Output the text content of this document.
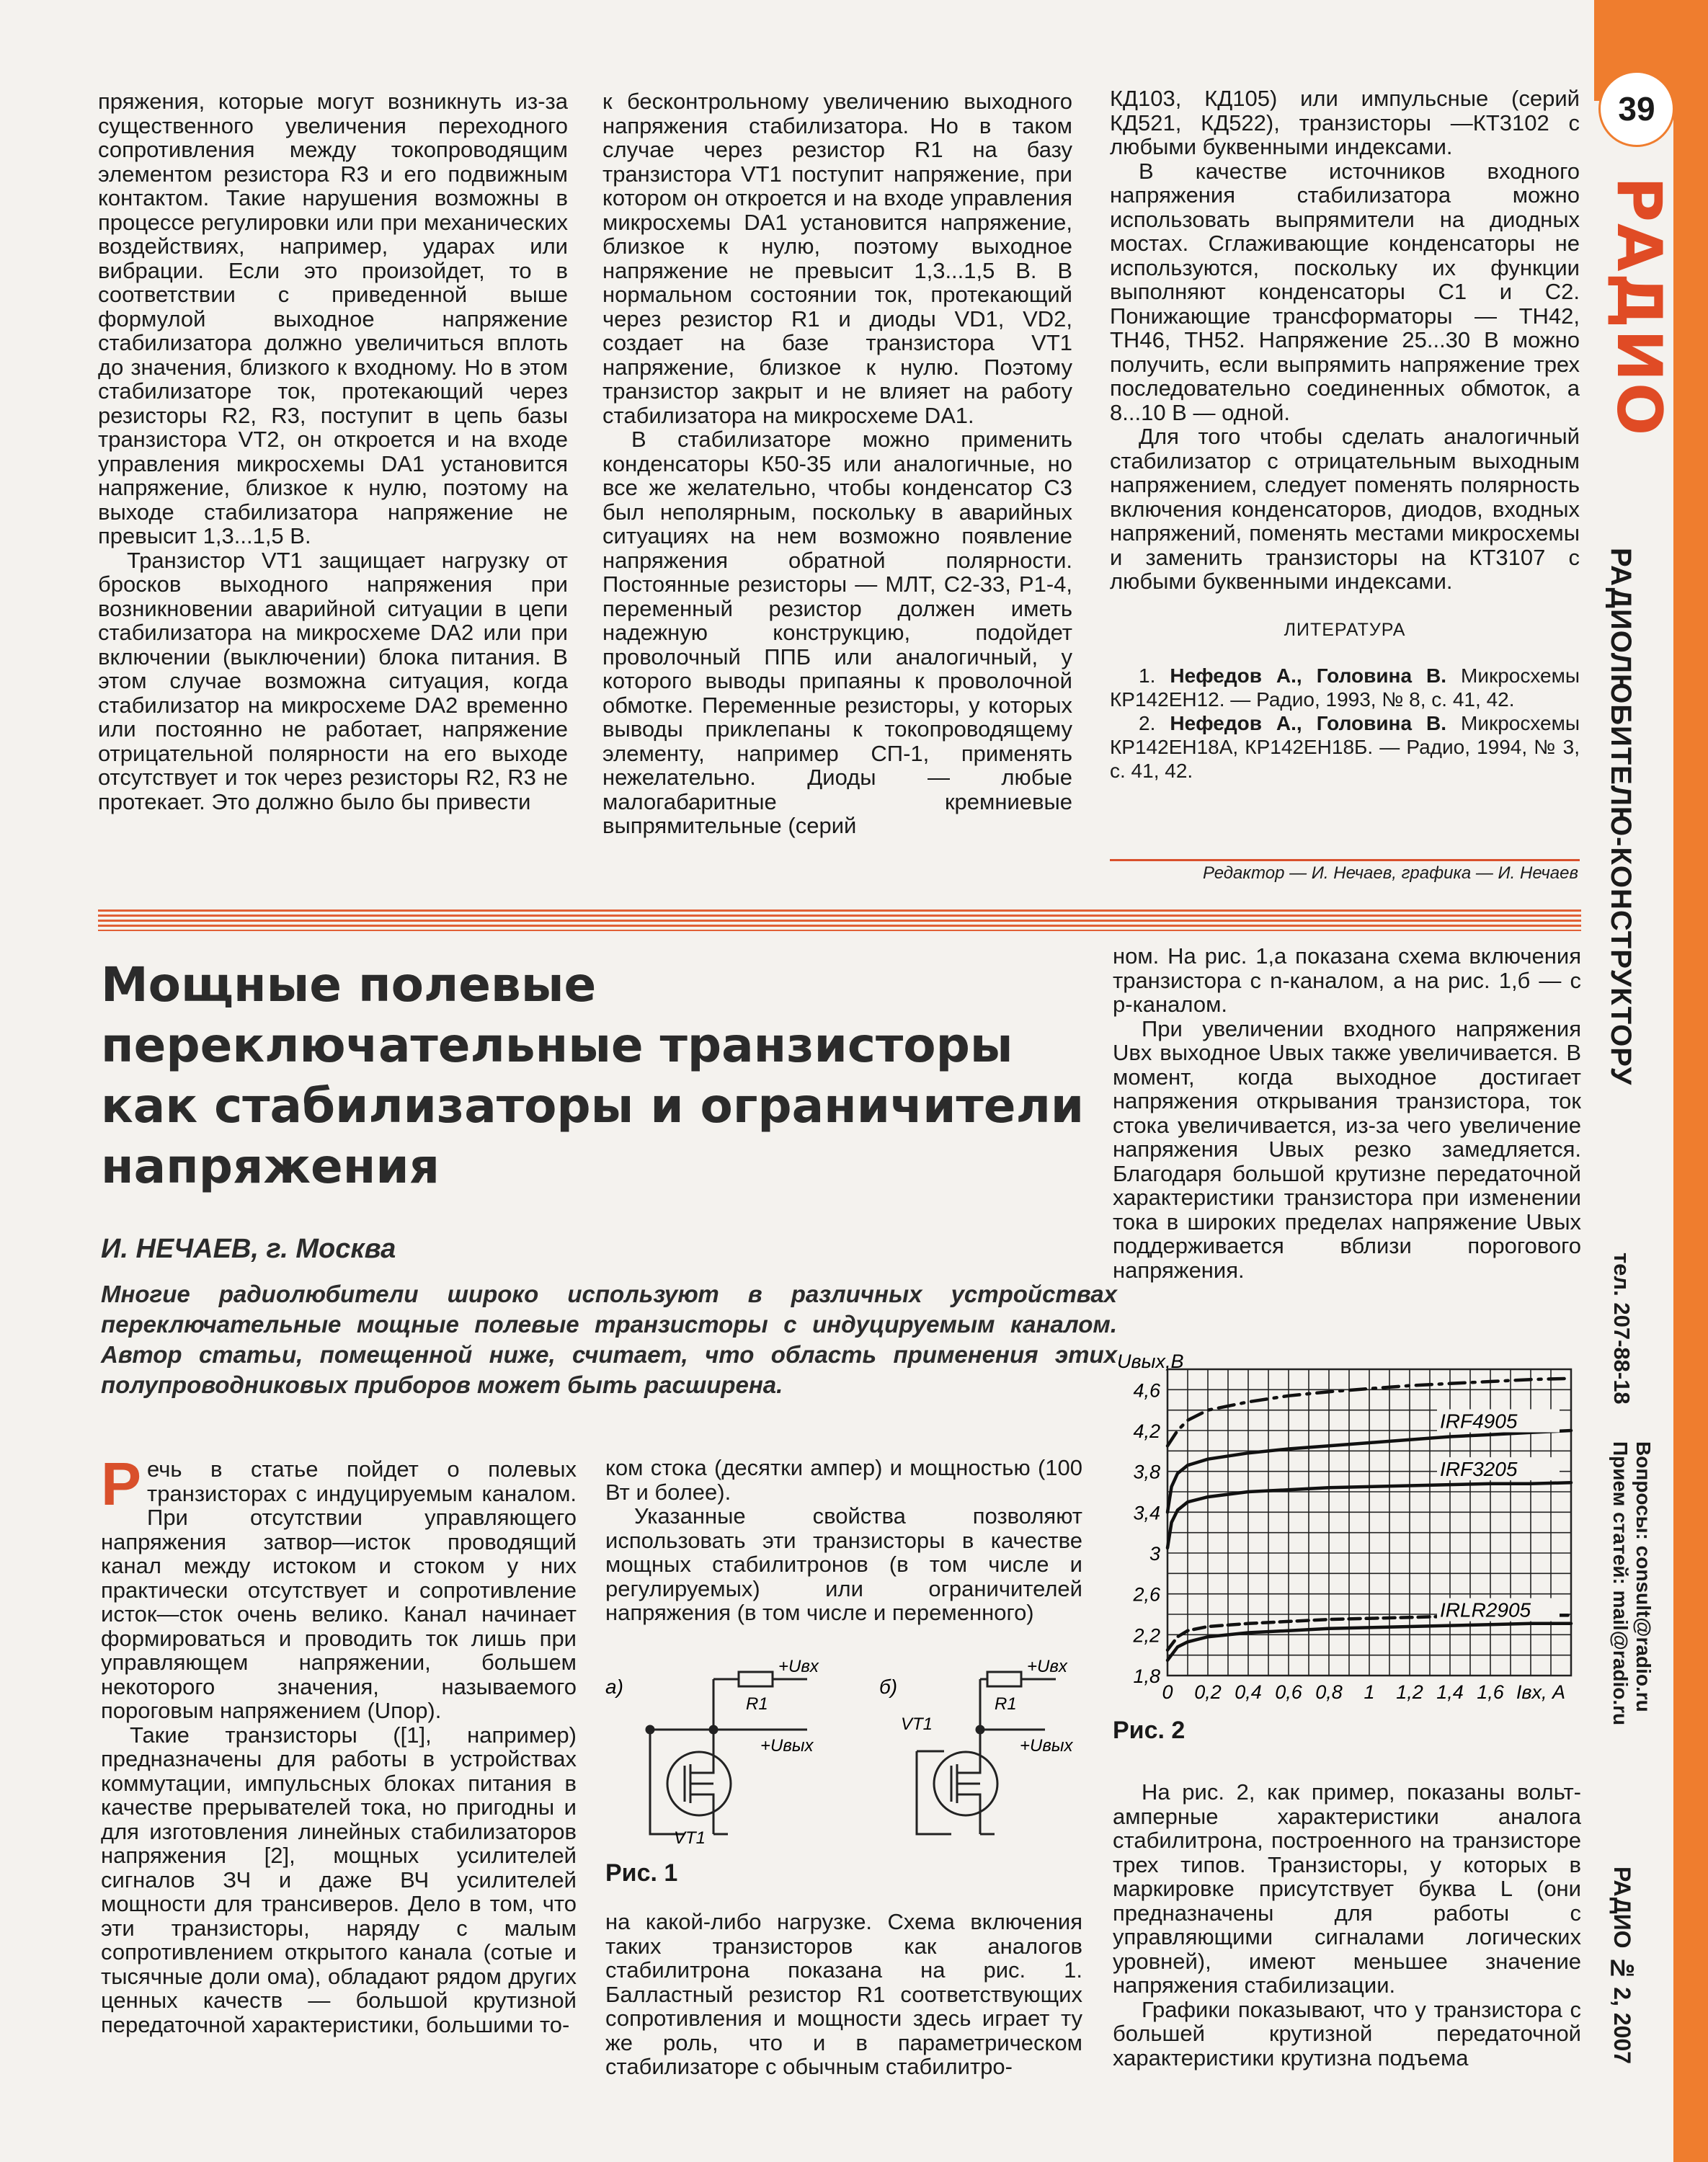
39
РАДИО
РАДИОЛЮБИТЕЛЮ-КОНСТРУКТОРУ
тел. 207-88-18
Прием статей: mail@radio.ru Вопросы: consult@radio.ru
РАДИО № 2, 2007

пряжения, которые могут возникнуть из-за существенного увеличения переходного сопротивления между токопроводящим элементом резистора R3 и его подвижным контактом. Такие нарушения возможны в процессе регулировки или при механических воздействиях, например, ударах или вибрации. Если это произойдет, то в соответствии с приведенной выше формулой выходное напряжение стабилизатора должно увеличиться вплоть до значения, близкого к входному. Но в этом стабилизаторе ток, протекающий через резисторы R2, R3, поступит в цепь базы транзистора VT2, он откроется и на входе управления микросхемы DA1 установится напряжение, близкое к нулю, поэтому на выходе стабилизатора напряжение не превысит 1,3...1,5 В.

Транзистор VT1 защищает нагрузку от бросков выходного напряжения при возникновении аварийной ситуации в цепи стабилизатора на микросхеме DA2 или при включении (выключении) блока питания. В этом случае возможна ситуация, когда стабилизатор на микросхеме DA2 временно или постоянно не работает, напряжение отрицательной полярности на его выходе отсутствует и ток через резисторы R2, R3 не протекает. Это должно было бы привести

к бесконтрольному увеличению выходного напряжения стабилизатора. Но в таком случае через резистор R1 на базу транзистора VT1 поступит напряжение, при котором он откроется и на входе управления микросхемы DA1 установится напряжение, близкое к нулю, поэтому выходное напряжение не превысит 1,3...1,5 В. В нормальном состоянии ток, протекающий через резистор R1 и диоды VD1, VD2, создает на базе транзистора VT1 напряжение, близкое к нулю. Поэтому транзистор закрыт и не влияет на работу стабилизатора на микросхеме DA1.

В стабилизаторе можно применить конденсаторы К50-35 или аналогичные, но все же желательно, чтобы конденсатор C3 был неполярным, поскольку в аварийных ситуациях на нем возможно появление напряжения обратной полярности. Постоянные резисторы — МЛТ, С2-33, Р1-4, переменный резистор должен иметь надежную конструкцию, подойдет проволочный ППБ или аналогичный, у которого выводы припаяны к проволочной обмотке. Переменные резисторы, у которых выводы приклепаны к токопроводящему элементу, например СП-1, применять нежелательно. Диоды — любые малогабаритные кремниевые выпрямительные (серий

КД103, КД105) или импульсные (серий КД521, КД522), транзисторы —КТ3102 с любыми буквенными индексами.

В качестве источников входного напряжения стабилизатора можно использовать выпрямители на диодных мостах. Сглаживающие конденсаторы не используются, поскольку их функции выполняют конденсаторы C1 и C2. Понижающие трансформаторы — ТН42, ТН46, ТН52. Напряжение 25...30 В можно получить, если выпрямить напряжение трех последовательно соединенных обмоток, а 8...10 В — одной.

Для того чтобы сделать аналогичный стабилизатор с отрицательным выходным напряжением, следует поменять полярность включения конденсаторов, диодов, входных напряжений, поменять местами микросхемы и заменить транзисторы на КТ3107 с любыми буквенными индексами.

ЛИТЕРАТУРА

1. Нефедов А., Головина В. Микросхемы КР142ЕН12. — Радио, 1993, № 8, с. 41, 42.

2. Нефедов А., Головина В. Микросхемы КР142ЕН18А, КР142ЕН18Б. — Радио, 1994, № 3, с. 41, 42.

Редактор — И. Нечаев, графика — И. Нечаев
Мощные полевые переключательные транзисторы как стабилизаторы и ограничители напряжения
И. НЕЧАЕВ, г. Москва
Многие радиолюбители широко используют в различных устройствах переключательные мощные полевые транзисторы с индуцируемым каналом. Автор статьи, помещенной ниже, считает, что область применения этих полупроводниковых приборов может быть расширена.

Речь в статье пойдет о полевых транзисторах с индуцируемым каналом. При отсутствии управляющего напряжения затвор—исток проводящий канал между истоком и стоком у них практически отсутствует и сопротивление исток—сток очень велико. Канал начинает формироваться и проводить ток лишь при управляющем напряжении, большем некоторого значения, называемого пороговым напряжением (Uпор).

Такие транзисторы ([1], например) предназначены для работы в устройствах коммутации, импульсных блоках питания в качестве прерывателей тока, но пригодны и для изготовления линейных стабилизаторов напряжения [2], мощных усилителей сигналов ЗЧ и даже ВЧ усилителей мощности для трансиверов. Дело в том, что эти транзисторы, наряду с малым сопротивлением открытого канала (сотые и тысячные доли ома), обладают рядом других ценных качеств — большой крутизной передаточной характеристики, большими то-

ком стока (десятки ампер) и мощностью (100 Вт и более).

Указанные свойства позволяют использовать эти транзисторы в качестве мощных стабилитронов (в том числе и регулируемых) или ограничителей напряжения (в том числе и переменного)

а)
R1
+Uвх
+Uвых
VT1
б)
R1
+Uвх
+Uвых
VT1
Рис. 1

на какой-либо нагрузке. Схема включения таких транзисторов как аналогов стабилитрона показана на рис. 1. Балластный резистор R1 соответствующих сопротивления и мощности здесь играет ту же роль, что и в параметрическом стабилизаторе с обычным стабилитро-

ном. На рис. 1,а показана схема включения транзистора с n-каналом, а на рис. 1,б — с p-каналом.

При увеличении входного напряжения Uвх выходное Uвых также увеличивается. В момент, когда выходное достигает напряжения открывания транзистора, ток стока увеличивается, из-за чего увеличение напряжения Uвых резко замедляется. Благодаря большой крутизне передаточной характеристики транзистора при изменении тока в широких пределах напряжение Uвых поддерживается вблизи порогового напряжения.

1,8
2,2
2,6
3
3,4
3,8
4,2
4,6
0 0,2 0,4 0,6 0,8 1 1,2 1,4 1,6 Iвх, A
Uвых,В
IRF4905
IRF3205
IRLR2905
Рис. 2

На рис. 2, как пример, показаны вольт-амперные характеристики аналога стабилитрона, построенного на транзисторе трех типов. Транзисторы, у которых в маркировке присутствует буква L (они предназначены для работы с управляющими сигналами логических уровней), имеют меньшее значение напряжения стабилизации.

Графики показывают, что у транзистора с большей крутизной передаточной характеристики крутизна подъема
